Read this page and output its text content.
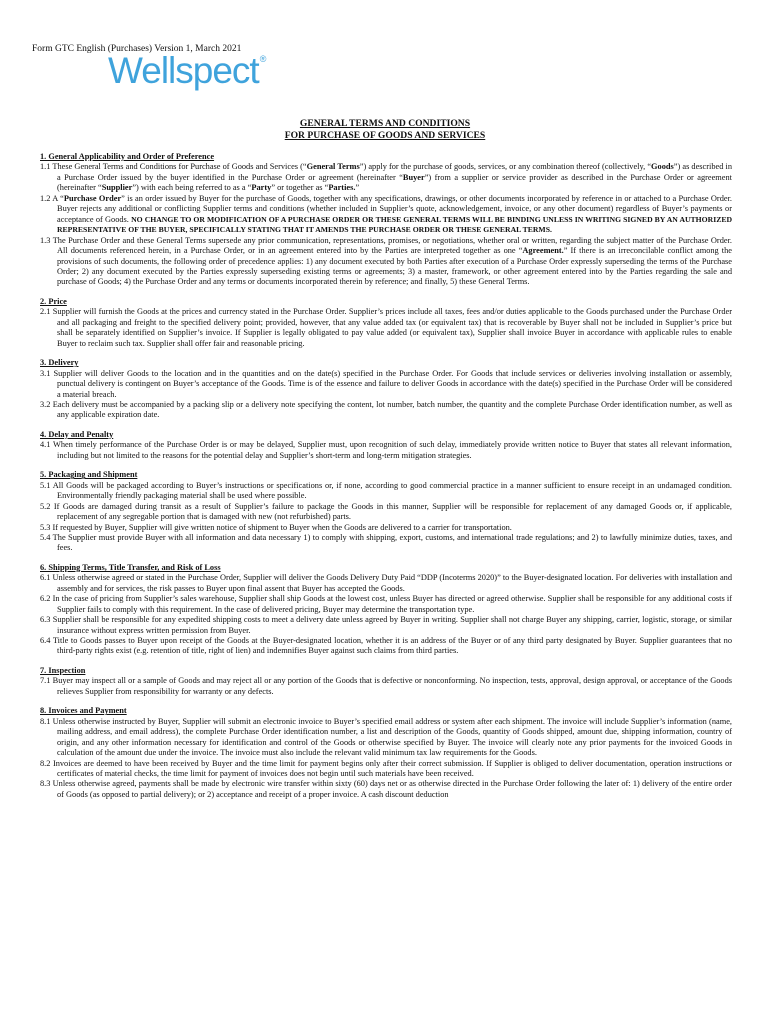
Form GTC English (Purchases) Version 1, March 2021
Wellspect®
GENERAL TERMS AND CONDITIONS
FOR PURCHASE OF GOODS AND SERVICES
1. General Applicability and Order of Preference

1.1 These General Terms and Conditions for Purchase of Goods and Services (“General Terms”) apply for the purchase of goods, services, or any combination thereof (collectively, “Goods”) as described in a Purchase Order issued by the buyer identified in the Purchase Order or agreement (hereinafter “Buyer”) from a supplier or service provider as described in the Purchase Order or agreement (hereinafter “Supplier”) with each being referred to as a “Party” or together as “Parties.”

1.2 A “Purchase Order” is an order issued by Buyer for the purchase of Goods, together with any specifications, drawings, or other documents incorporated by reference in or attached to a Purchase Order. Buyer rejects any additional or conflicting Supplier terms and conditions (whether included in Supplier’s quote, acknowledgement, invoice, or any other document) regardless of Buyer’s payments or acceptance of Goods. NO CHANGE TO OR MODIFICATION OF A PURCHASE ORDER OR THESE GENERAL TERMS WILL BE BINDING UNLESS IN WRITING SIGNED BY AN AUTHORIZED REPRESENTATIVE OF THE BUYER, SPECIFICALLY STATING THAT IT AMENDS THE PURCHASE ORDER OR THESE GENERAL TERMS.

1.3 The Purchase Order and these General Terms supersede any prior communication, representations, promises, or negotiations, whether oral or written, regarding the subject matter of the Purchase Order. All documents referenced herein, in a Purchase Order, or in an agreement entered into by the Parties are interpreted together as one “Agreement.” If there is an irreconcilable conflict among the provisions of such documents, the following order of precedence applies: 1) any document executed by both Parties after execution of a Purchase Order expressly superseding the terms of the Purchase Order; 2) any document executed by the Parties expressly superseding existing terms or agreements; 3) a master, framework, or other agreement entered into by the Parties regarding the sale and purchase of Goods; 4) the Purchase Order and any terms or documents incorporated therein by reference; and finally, 5) these General Terms.

2. Price

2.1 Supplier will furnish the Goods at the prices and currency stated in the Purchase Order. Supplier’s prices include all taxes, fees and/or duties applicable to the Goods purchased under the Purchase Order and all packaging and freight to the specified delivery point; provided, however, that any value added tax (or equivalent tax) that is recoverable by Buyer shall not be included in Supplier’s price but shall be separately identified on Supplier’s invoice. If Supplier is legally obligated to pay value added (or equivalent tax), Supplier shall invoice Buyer in accordance with applicable rules to enable Buyer to reclaim such tax. Supplier shall offer fair and reasonable pricing.

3. Delivery

3.1 Supplier will deliver Goods to the location and in the quantities and on the date(s) specified in the Purchase Order. For Goods that include services or deliveries involving installation or assembly, punctual delivery is contingent on Buyer’s acceptance of the Goods. Time is of the essence and failure to deliver Goods in accordance with the date(s) specified in the Purchase Order will be considered a material breach.

3.2 Each delivery must be accompanied by a packing slip or a delivery note specifying the content, lot number, batch number, the quantity and the complete Purchase Order identification number, as well as any applicable expiration date.

4. Delay and Penalty

4.1 When timely performance of the Purchase Order is or may be delayed, Supplier must, upon recognition of such delay, immediately provide written notice to Buyer that states all relevant information, including but not limited to the reasons for the potential delay and Supplier’s short-term and long-term mitigation strategies.

5. Packaging and Shipment

5.1 All Goods will be packaged according to Buyer’s instructions or specifications or, if none, according to good commercial practice in a manner sufficient to ensure receipt in an undamaged condition. Environmentally friendly packaging material shall be used where possible.

5.2 If Goods are damaged during transit as a result of Supplier’s failure to package the Goods in this manner, Supplier will be responsible for replacement of any damaged Goods or, if applicable, replacement of any segregable portion that is damaged with new (not refurbished) parts.

5.3 If requested by Buyer, Supplier will give written notice of shipment to Buyer when the Goods are delivered to a carrier for transportation.

5.4 The Supplier must provide Buyer with all information and data necessary 1) to comply with shipping, export, customs, and international trade regulations; and 2) to lawfully minimize duties, taxes, and fees.

6. Shipping Terms, Title Transfer, and Risk of Loss

6.1 Unless otherwise agreed or stated in the Purchase Order, Supplier will deliver the Goods Delivery Duty Paid “DDP (Incoterms 2020)” to the Buyer-designated location. For deliveries with installation and assembly and for services, the risk passes to Buyer upon final assent that Buyer has accepted the Goods.

6.2 In the case of pricing from Supplier’s sales warehouse, Supplier shall ship Goods at the lowest cost, unless Buyer has directed or agreed otherwise. Supplier shall be responsible for any additional costs if Supplier fails to comply with this requirement. In the case of delivered pricing, Buyer may determine the transportation type.

6.3 Supplier shall be responsible for any expedited shipping costs to meet a delivery date unless agreed by Buyer in writing. Supplier shall not charge Buyer any shipping, carrier, logistic, storage, or similar insurance without express written permission from Buyer.

6.4 Title to Goods passes to Buyer upon receipt of the Goods at the Buyer-designated location, whether it is an address of the Buyer or of any third party designated by Buyer. Supplier guarantees that no third-party rights exist (e.g. retention of title, right of lien) and indemnifies Buyer against such claims from third parties.

7. Inspection

7.1 Buyer may inspect all or a sample of Goods and may reject all or any portion of the Goods that is defective or nonconforming. No inspection, tests, approval, design approval, or acceptance of the Goods relieves Supplier from responsibility for warranty or any defects.

8. Invoices and Payment

8.1 Unless otherwise instructed by Buyer, Supplier will submit an electronic invoice to Buyer’s specified email address or system after each shipment. The invoice will include Supplier’s information (name, mailing address, and email address), the complete Purchase Order identification number, a list and description of the Goods, quantity of Goods shipped, amount due, shipping information, country of origin, and any other information necessary for identification and control of the Goods or otherwise specified by Buyer. The invoice will clearly note any prior payments for the invoiced Goods in calculation of the amount due under the invoice. The invoice must also include the relevant valid minimum tax law requirements for the Goods.

8.2 Invoices are deemed to have been received by Buyer and the time limit for payment begins only after their correct submission. If Supplier is obliged to deliver documentation, operation instructions or certificates of material checks, the time limit for payment of invoices does not begin until such materials have been received.

8.3 Unless otherwise agreed, payments shall be made by electronic wire transfer within sixty (60) days net or as otherwise directed in the Purchase Order following the later of: 1) delivery of the entire order of Goods (as opposed to partial delivery); or 2) acceptance and receipt of a proper invoice. A cash discount deduction
